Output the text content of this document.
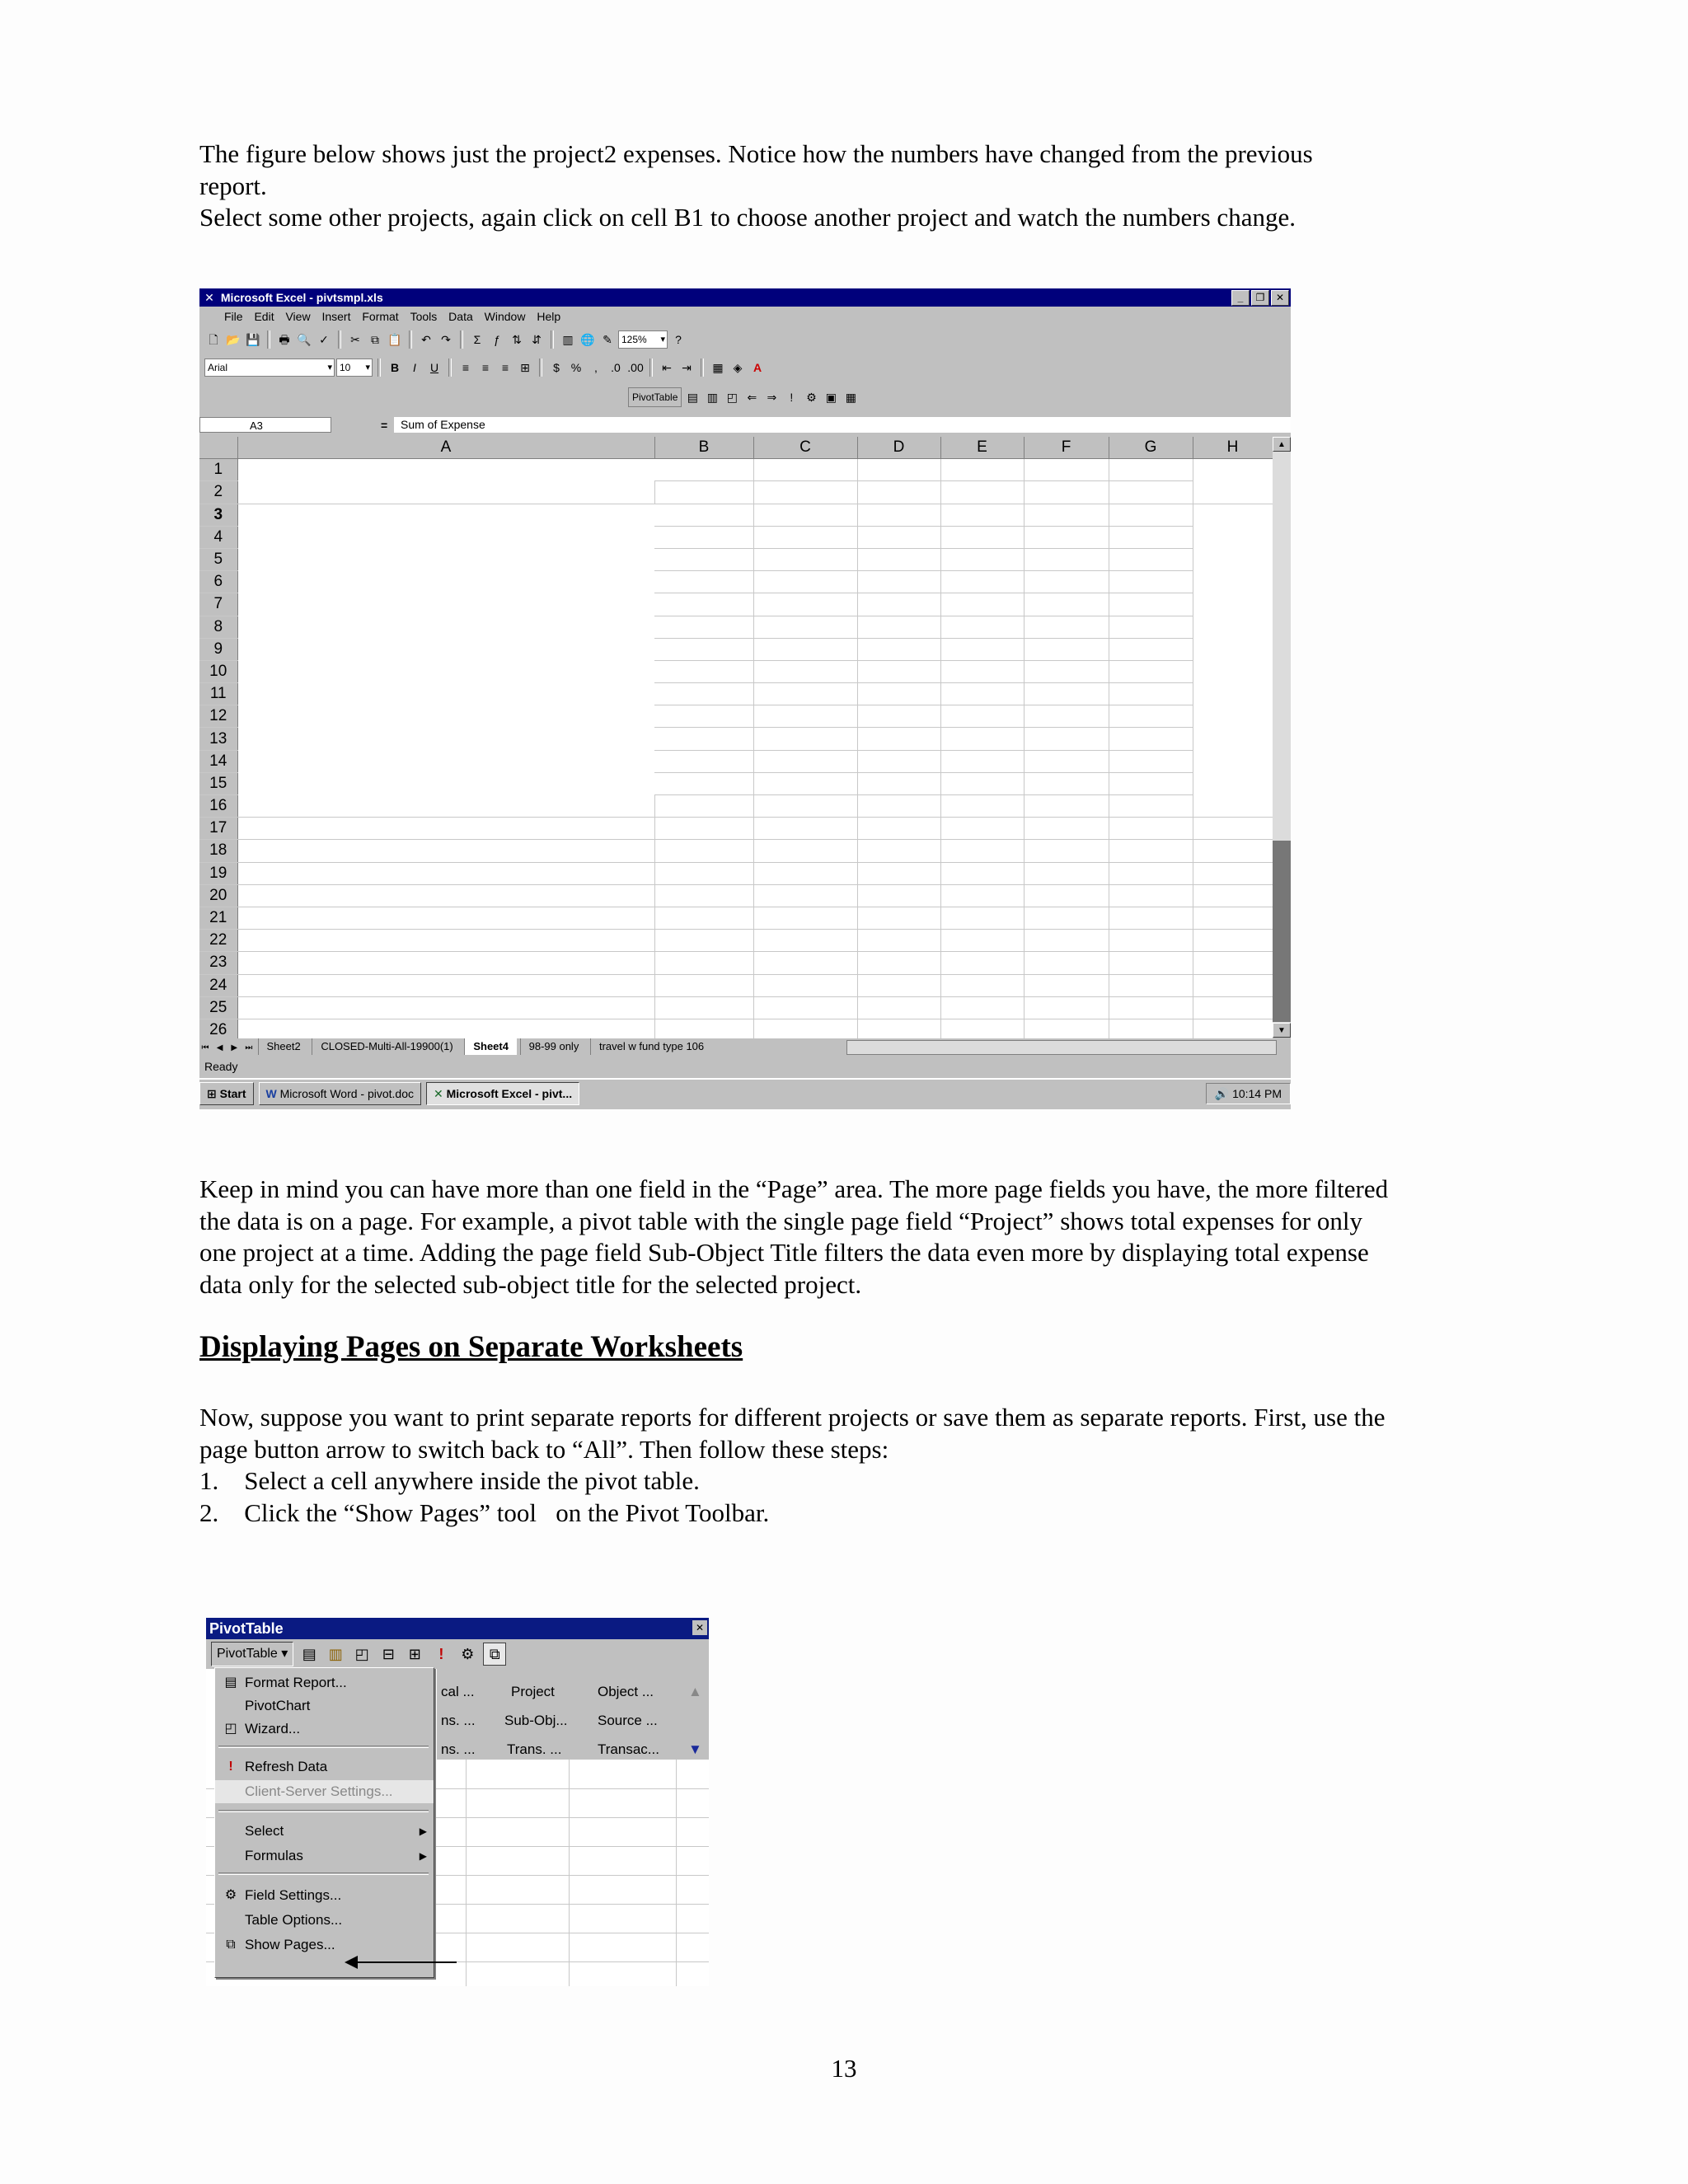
The figure below shows just the project2 expenses. Notice how the numbers have changed from the previous
report.
Select some other projects, again click on cell B1 to choose another project and watch the numbers change.

✕ Microsoft Excel - pivtsmpl.xls	_	❐	✕
File Edit View Insert Format Tools Data Window Help
🗋 📂 💾	🖶 🔍 ✓	✂ ⧉ 📋	↶ ↷	Σ	ƒ	⇅ ⇵	▥ 🌐 ✎ 125% ▾	?
Arial ▾	10 ▾	B	I	U	≡	≡	≡	⊞	$ %	,	.0 .00	⇤ ⇥	▦ ◈ A
PivotTable ▤ ▥ ◰ ⇐ ⇒	!	⚙ ▣ ▦
A3	=	Sum of Expense
	A	B	C	D	E	F	G	H
1	

2								
3	

4	

5	

6	

7	

8	

9	

10	

11	

12	

13	

14	

15	

16								
17								
18								
19								
20								
21								
22								
23								
24								
25								
26								
▲
▼
⏮ ◀ ▶ ⏭ Sheet2 CLOSED-Multi-All-19900(1) Sheet4 98-99 only travel w fund type 106
Ready
⊞ Start	W Microsoft Word - pivot.doc	✕ Microsoft Excel - pivt...	🔊 10:14 PM

Keep in mind you can have more than one field in the “Page” area. The more page fields you have, the more filtered
the data is on a page. For example, a pivot table with the single page field “Project” shows total expenses for only
one project at a time. Adding the page field Sub-Object Title filters the data even more by displaying total expense
data only for the selected sub-object title for the selected project.

Displaying Pages on Separate Worksheets

Now, suppose you want to print separate reports for different projects or save them as separate reports. First, use the
page button arrow to switch back to “All”. Then follow these steps:
1.    Select a cell anywhere inside the pivot table.
2.    Click the “Show Pages” tool   on the Pivot Toolbar.

PivotTable	✕
PivotTable ▾ ▤ ▥ ◰ ⊟ ⊞	!	⚙	⧉
cal ...	Project	Object ...
ns. ... Sub-Obj... Source ...
ns. ... Trans. ...	Transac...
▲
▼
▤ Format Report...
PivotChart
◰ Wizard...
! Refresh Data
Client-Server Settings...
Select	▶
Formulas	▶
⚙ Field Settings...
Table Options...
⧉ Show Pages...
13
